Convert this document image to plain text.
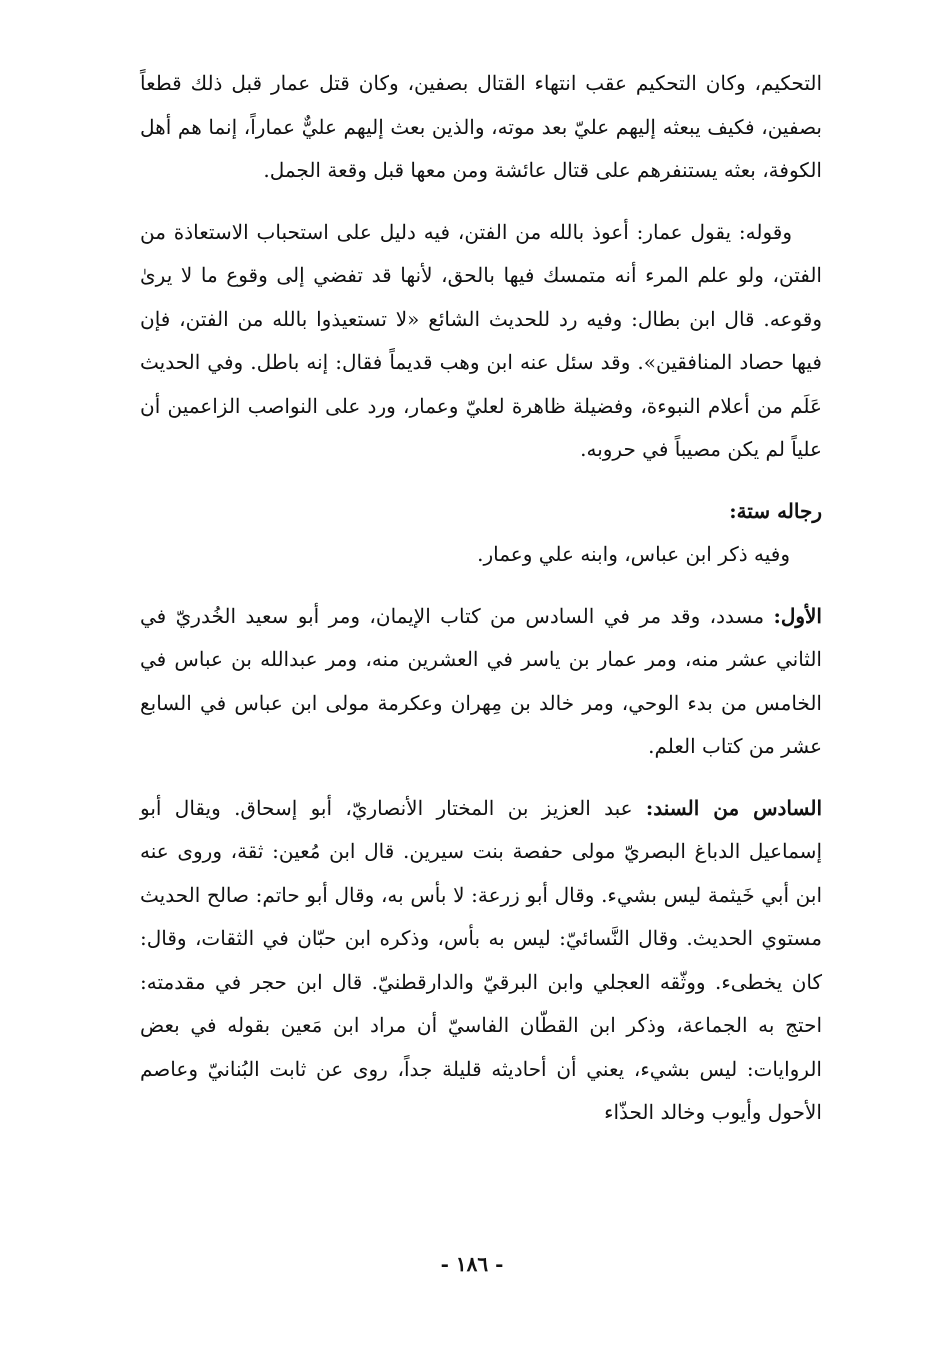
التحكيم، وكان التحكيم عقب انتهاء القتال بصفين، وكان قتل عمار قبل ذلك قطعاً بصفين، فكيف يبعثه إليهم عليّ بعد موته، والذين بعث إليهم عليٌّ عماراً، إنما هم أهل الكوفة، بعثه يستنفرهم على قتال عائشة ومن معها قبل وقعة الجمل.

وقوله: يقول عمار: أعوذ بالله من الفتن، فيه دليل على استحباب الاستعاذة من الفتن، ولو علم المرء أنه متمسك فيها بالحق، لأنها قد تفضي إلى وقوع ما لا يرىٰ وقوعه. قال ابن بطال: وفيه رد للحديث الشائع «لا تستعيذوا بالله من الفتن، فإن فيها حصاد المنافقين». وقد سئل عنه ابن وهب قديماً فقال: إنه باطل. وفي الحديث عَلَم من أعلام النبوءة، وفضيلة ظاهرة لعليّ وعمار، ورد على النواصب الزاعمين أن علياً لم يكن مصيباً في حروبه.

رجاله ستة:

وفيه ذكر ابن عباس، وابنه علي وعمار.

الأول: مسدد، وقد مر في السادس من كتاب الإيمان، ومر أبو سعيد الخُدريّ في الثاني عشر منه، ومر عمار بن ياسر في العشرين منه، ومر عبدالله بن عباس في الخامس من بدء الوحي، ومر خالد بن مِهران وعكرمة مولى ابن عباس في السابع عشر من كتاب العلم.

السادس من السند: عبد العزيز بن المختار الأنصاريّ، أبو إسحاق. ويقال أبو إسماعيل الدباغ البصريّ مولى حفصة بنت سيرين. قال ابن مُعين: ثقة، وروى عنه ابن أبي خَيثمة ليس بشيء. وقال أبو زرعة: لا بأس به، وقال أبو حاتم: صالح الحديث مستوي الحديث. وقال النَّسائيّ: ليس به بأس، وذكره ابن حبّان في الثقات، وقال: كان يخطىء. ووثّقه العجلي وابن البرقيّ والدارقطنيّ. قال ابن حجر في مقدمته: احتج به الجماعة، وذكر ابن القطّان الفاسيّ أن مراد ابن مَعين بقوله في بعض الروايات: ليس بشيء، يعني أن أحاديثه قليلة جداً، روى عن ثابت البُنانيّ وعاصم الأحول وأيوب وخالد الحذّاء

- ١٨٦ -
